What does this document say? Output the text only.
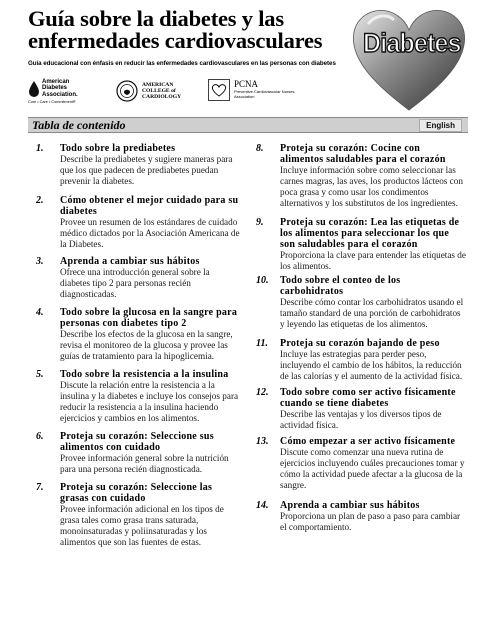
Guía sobre la diabetes y las enfermedades cardiovasculares
Guía educacional con énfasis en reducir las enfermedades cardiovasculares en las personas con diabetes
Diabetes
American Diabetes Association.
Cure • Care • Commitment®
AMERICAN COLLEGE of CARDIOLOGY
PCNA
Preventive Cardiovascular Nurses Association
Tabla de contenido	English
1.	Todo sobre la prediabetes

Describe la prediabetes y sugiere maneras para que los que padecen de prediabetes puedan prevenir la diabetes.

2.	Cómo obtener el mejor cuidado para su diabetes

Provee un resumen de los estándares de cuidado médico dictados por la Asociación Americana de la Diabetes.

3.	Aprenda a cambiar sus hábitos

Ofrece una introducción general sobre la diabetes tipo 2 para personas recién diagnosticadas.

4.	Todo sobre la glucosa en la sangre para personas con diabetes tipo 2

Describe los efectos de la glucosa en la sangre, revisa el monitoreo de la glucosa y provee las guías de tratamiento para la hipoglicemia.

5.	Todo sobre la resistencia a la insulina

Discute la relación entre la resistencia a la insulina y la diabetes e incluye los consejos para reducir la resistencia a la insulina haciendo ejercicios y cambios en los alimentos.

6.	Proteja su corazón: Seleccione sus alimentos con cuidado

Provee información general sobre la nutrición para una persona recién diagnosticada.

7.	Proteja su corazón: Seleccione las grasas con cuidado

Provee información adicional en los tipos de grasa tales como grasa trans saturada, monoinsaturadas y poliinsaturadas y los alimentos que son las fuentes de estas.

8.	Proteja su corazón: Cocine con alimentos saludables para el corazón

Incluye información sobre como seleccionar las carnes magras, las aves, los productos lácteos con poca grasa y como usar los condimentos alternativos y los substitutos de los ingredientes.

9.	Proteja su corazón: Lea las etiquetas de los alimentos para seleccionar los que son saludables para el corazón

Proporciona la clave para entender las etiquetas de los alimentos.

10.	Todo sobre el conteo de los carbohidratos

Describe cómo contar los carbohidratos usando el tamaño standard de una porción de carbohidratos y leyendo las etiquetas de los alimentos.

11.	Proteja su corazón bajando de peso

Incluye las estrategias para perder peso, incluyendo el cambio de los hábitos, la reducción de las calorías y el aumento de la actividad física.

12.	Todo sobre como ser activo físicamente cuando se tiene diabetes

Describe las ventajas y los diversos tipos de actividad física.

13.	Cómo empezar a ser activo físicamente

Discute como comenzar una nueva rutina de ejercicios incluyendo cuáles precauciones tomar y cómo la actividad puede afectar a la glucosa de la sangre.

14.	Aprenda a cambiar sus hábitos

Proporciona un plan de paso a paso para cambiar el comportamiento.
